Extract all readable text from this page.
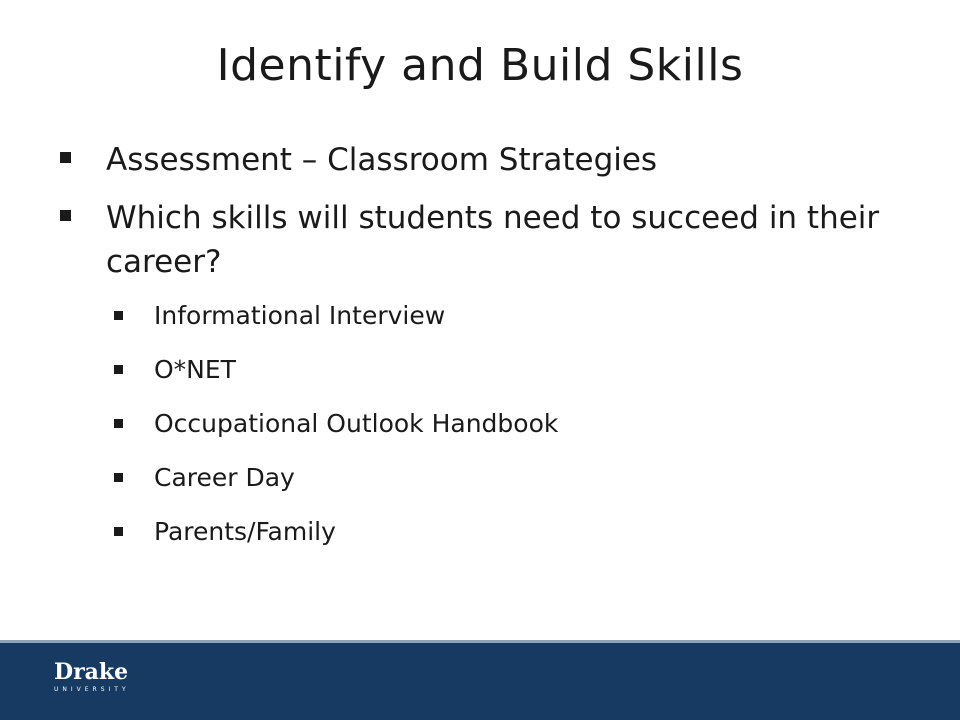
Identify and Build Skills
Assessment – Classroom Strategies
Which skills will students need to succeed in their career?
Informational Interview
O*NET
Occupational Outlook Handbook
Career Day
Parents/Family
Drake
UNIVERSITY
